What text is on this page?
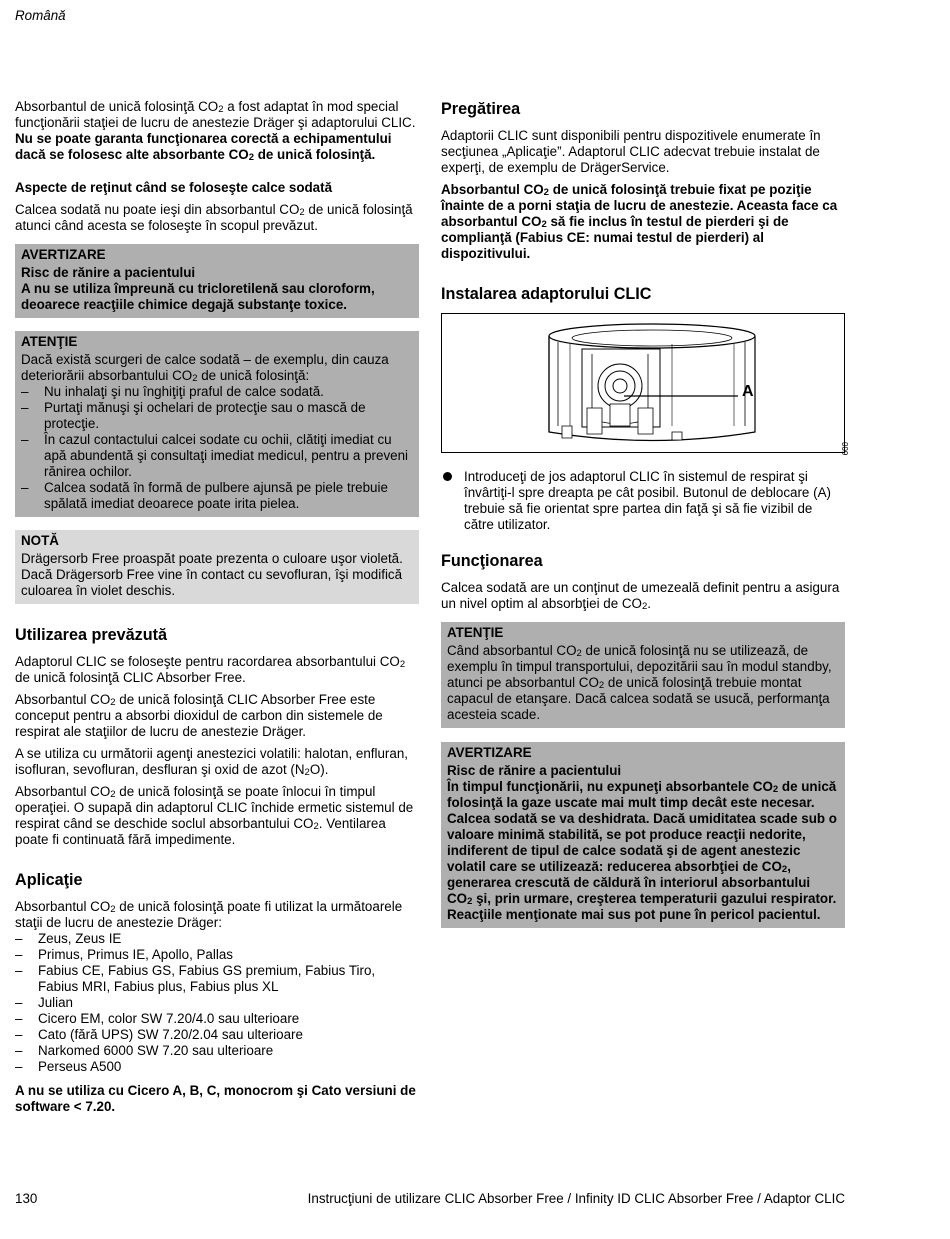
Română

Absorbantul de unică folosinţă CO2 a fost adaptat în mod special funcţionării staţiei de lucru de anestezie Dräger şi adaptorului CLIC. Nu se poate garanta funcţionarea corectă a echipamentului dacă se folosesc alte absorbante CO2 de unică folosinţă.

Aspecte de reţinut când se foloseşte calce sodată

Calcea sodată nu poate ieşi din absorbantul CO2 de unică folosinţă atunci când acesta se foloseşte în scopul prevăzut.

AVERTIZARE

Risc de rănire a pacientului

A nu se utiliza împreună cu tricloretilenă sau cloroform, deoarece reacţiile chimice degajă substanţe toxice.

ATENŢIE

Dacă există scurgeri de calce sodată – de exemplu, din cauza deteriorării absorbantului CO2 de unică folosinţă:

– Nu inhalaţi şi nu înghiţiţi praful de calce sodată.
– Purtaţi mănuşi şi ochelari de protecţie sau o mască de protecţie.
– În cazul contactului calcei sodate cu ochii, clătiţi imediat cu apă abundentă şi consultaţi imediat medicul, pentru a preveni rănirea ochilor.
– Calcea sodată în formă de pulbere ajunsă pe piele trebuie spălată imediat deoarece poate irita pielea.
NOTĂ

Drägersorb Free proaspăt poate prezenta o culoare uşor violetă. Dacă Drägersorb Free vine în contact cu sevofluran, îşi modifică culoarea în violet deschis.

Utilizarea prevăzută

Adaptorul CLIC se foloseşte pentru racordarea absorbantului CO2 de unică folosinţă CLIC Absorber Free.

Absorbantul CO2 de unică folosinţă CLIC Absorber Free este conceput pentru a absorbi dioxidul de carbon din sistemele de respirat ale staţiilor de lucru de anestezie Dräger.

A se utiliza cu următorii agenţi anestezici volatili: halotan, enfluran, isofluran, sevofluran, desfluran şi oxid de azot (N2O).

Absorbantul CO2 de unică folosinţă se poate înlocui în timpul operaţiei. O supapă din adaptorul CLIC închide ermetic sistemul de respirat când se deschide soclul absorbantului CO2. Ventilarea poate fi continuată fără impedimente.

Aplicaţie

Absorbantul CO2 de unică folosinţă poate fi utilizat la următoarele staţii de lucru de anestezie Dräger:

– Zeus, Zeus IE
– Primus, Primus IE, Apollo, Pallas
– Fabius CE, Fabius GS, Fabius GS premium, Fabius Tiro, Fabius MRI, Fabius plus, Fabius plus XL
– Julian
– Cicero EM, color SW 7.20/4.0 sau ulterioare
– Cato (fără UPS) SW 7.20/2.04 sau ulterioare
– Narkomed 6000 SW 7.20 sau ulterioare
– Perseus A500

A nu se utiliza cu Cicero A, B, C, monocrom şi Cato versiuni de software < 7.20.

Pregătirea

Adaptorii CLIC sunt disponibili pentru dispozitivele enumerate în secţiunea „Aplicaţie”. Adaptorul CLIC adecvat trebuie instalat de experţi, de exemplu de DrägerService.

Absorbantul CO2 de unică folosinţă trebuie fixat pe poziţie înainte de a porni staţia de lucru de anestezie. Aceasta face ca absorbantul CO2 să fie inclus în testul de pierderi şi de complianţă (Fabius CE: numai testul de pierderi) al dispozitivului.

Instalarea adaptorului CLIC
A
009
Introduceţi de jos adaptorul CLIC în sistemul de respirat şi învârtiţi-l spre dreapta pe cât posibil. Butonul de deblocare (A) trebuie să fie orientat spre partea din faţă şi să fie vizibil de către utilizator.
Funcţionarea

Calcea sodată are un conţinut de umezeală definit pentru a asigura un nivel optim al absorbţiei de CO2.

ATENŢIE

Când absorbantul CO2 de unică folosinţă nu se utilizează, de exemplu în timpul transportului, depozitării sau în modul standby, atunci pe absorbantul CO2 de unică folosinţă trebuie montat capacul de etanşare. Dacă calcea sodată se usucă, performanţa acesteia scade.

AVERTIZARE

Risc de rănire a pacientului

În timpul funcţionării, nu expuneţi absorbantele CO2 de unică folosinţă la gaze uscate mai mult timp decât este necesar.

Calcea sodată se va deshidrata. Dacă umiditatea scade sub o valoare minimă stabilită, se pot produce reacţii nedorite, indiferent de tipul de calce sodată şi de agent anestezic volatil care se utilizează: reducerea absorbţiei de CO2, generarea crescută de căldură în interiorul absorbantului CO2 şi, prin urmare, creşterea temperaturii gazului respirator. Reacţiile menţionate mai sus pot pune în pericol pacientul.

130	Instrucţiuni de utilizare CLIC Absorber Free / Infinity ID CLIC Absorber Free / Adaptor CLIC
